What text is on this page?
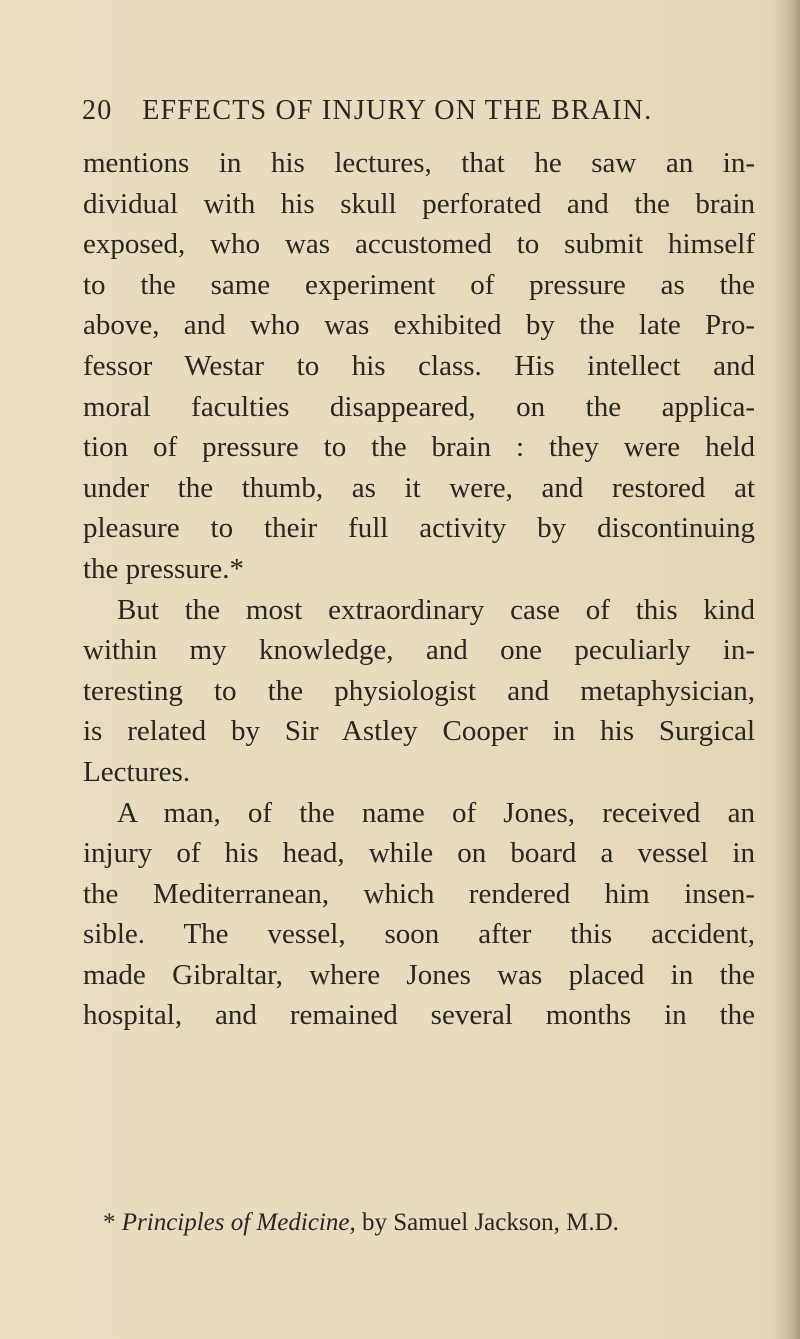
20 EFFECTS OF INJURY ON THE BRAIN.
mentions in his lectures, that he saw an in-
dividual with his skull perforated and the brain
exposed, who was accustomed to submit himself
to the same experiment of pressure as the
above, and who was exhibited by the late Pro-
fessor Westar to his class. His intellect and
moral faculties disappeared, on the applica-
tion of pressure to the brain : they were held
under the thumb, as it were, and restored at
pleasure to their full activity by discontinuing
the pressure.*
But the most extraordinary case of this kind
within my knowledge, and one peculiarly in-
teresting to the physiologist and metaphysician,
is related by Sir Astley Cooper in his Surgical
Lectures.
A man, of the name of Jones, received an
injury of his head, while on board a vessel in
the Mediterranean, which rendered him insen-
sible. The vessel, soon after this accident,
made Gibraltar, where Jones was placed in the
hospital, and remained several months in the
* Principles of Medicine, by Samuel Jackson, M.D.
